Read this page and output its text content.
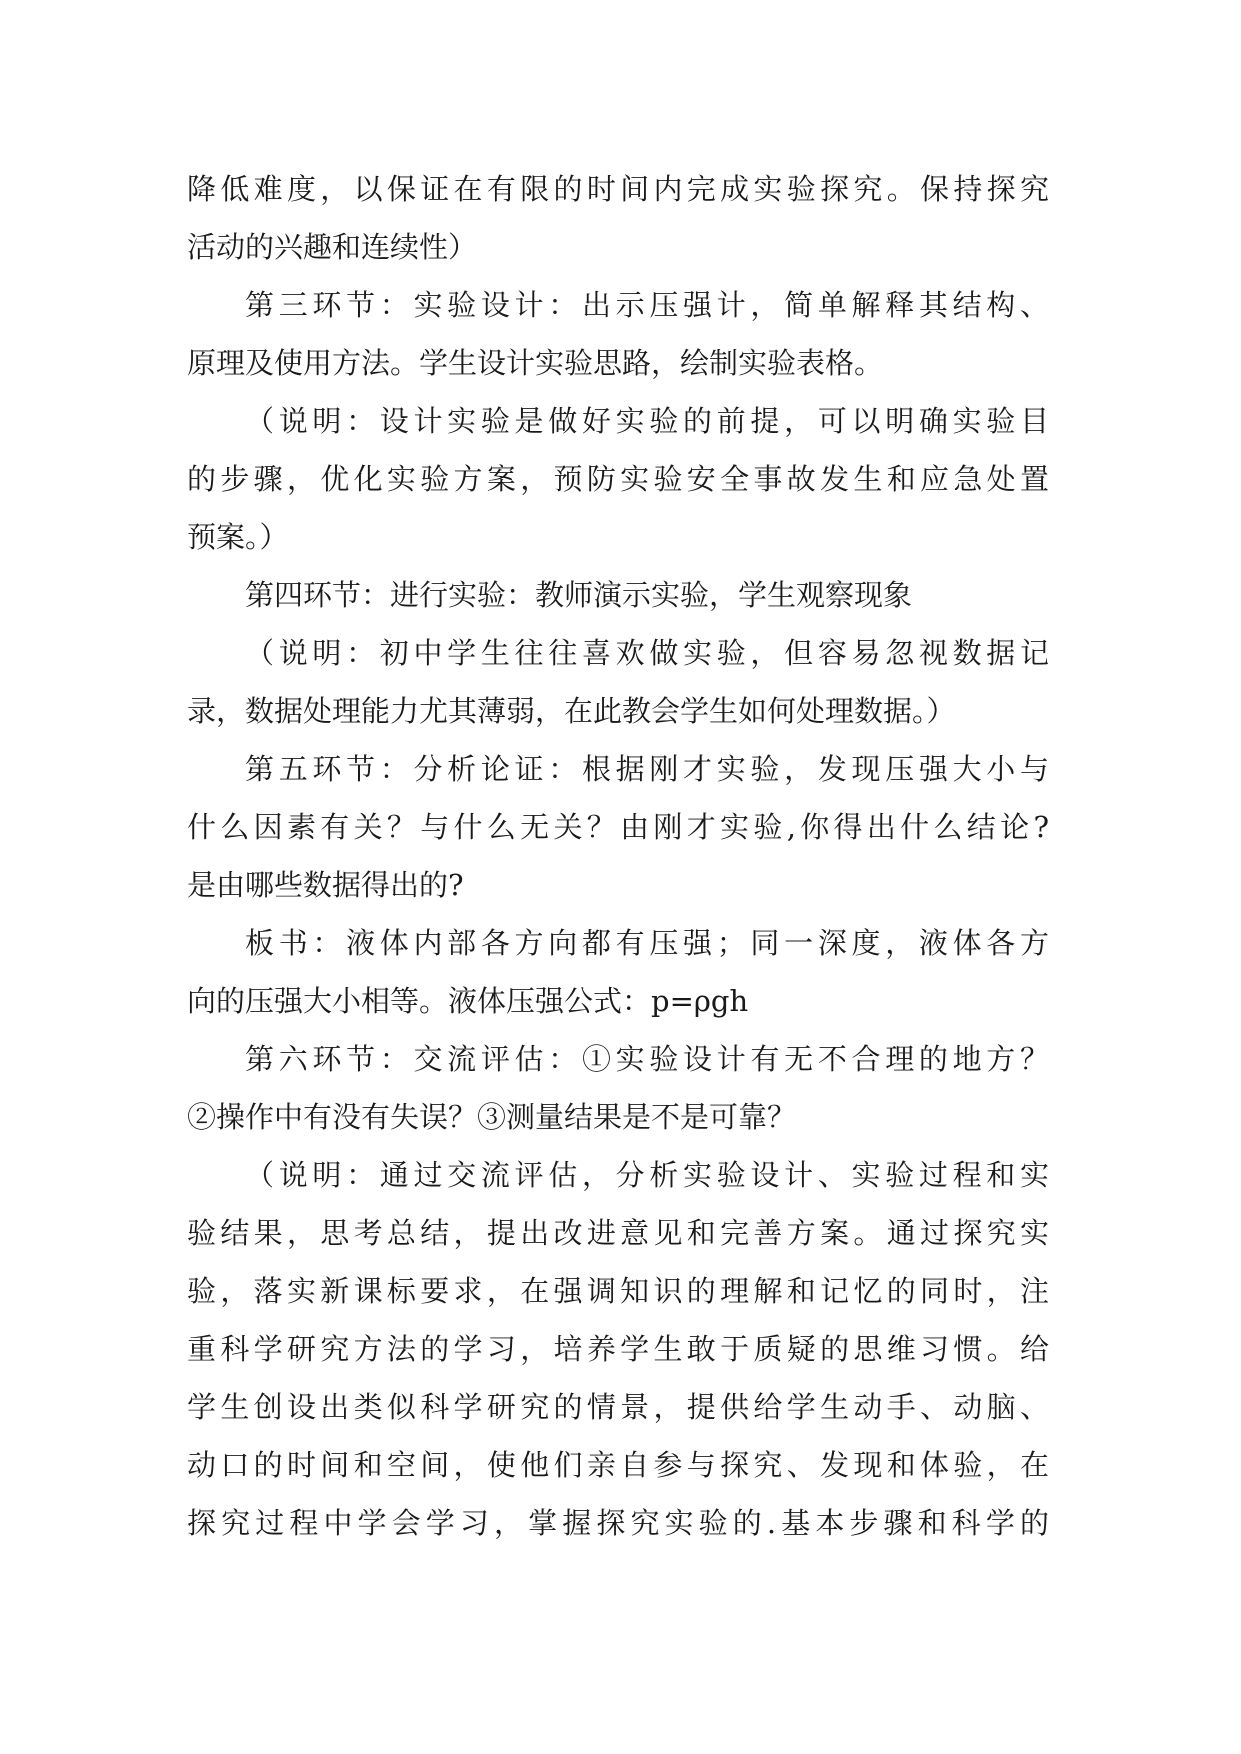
降低难度，以保证在有限的时间内完成实验探究。保持探究
活动的兴趣和连续性）
第三环节：实验设计：出示压强计，简单解释其结构、
原理及使用方法。学生设计实验思路，绘制实验表格。
（说明：设计实验是做好实验的前提，可以明确实验目
的步骤，优化实验方案，预防实验安全事故发生和应急处置
预案。）
第四环节：进行实验：教师演示实验，学生观察现象
（说明：初中学生往往喜欢做实验，但容易忽视数据记
录，数据处理能力尤其薄弱，在此教会学生如何处理数据。）
第五环节：分析论证：根据刚才实验，发现压强大小与
什么因素有关？与什么无关？由刚才实验,你得出什么结论?
是由哪些数据得出的?
板书：液体内部各方向都有压强；同一深度，液体各方
向的压强大小相等。液体压强公式：p=ρgh
第六环节：交流评估：①实验设计有无不合理的地方？
②操作中有没有失误？③测量结果是不是可靠？
（说明：通过交流评估，分析实验设计、实验过程和实
验结果，思考总结，提出改进意见和完善方案。通过探究实
验，落实新课标要求，在强调知识的理解和记忆的同时，注
重科学研究方法的学习，培养学生敢于质疑的思维习惯。给
学生创设出类似科学研究的情景，提供给学生动手、动脑、
动口的时间和空间，使他们亲自参与探究、发现和体验，在
探究过程中学会学习，掌握探究实验的.基本步骤和科学的
